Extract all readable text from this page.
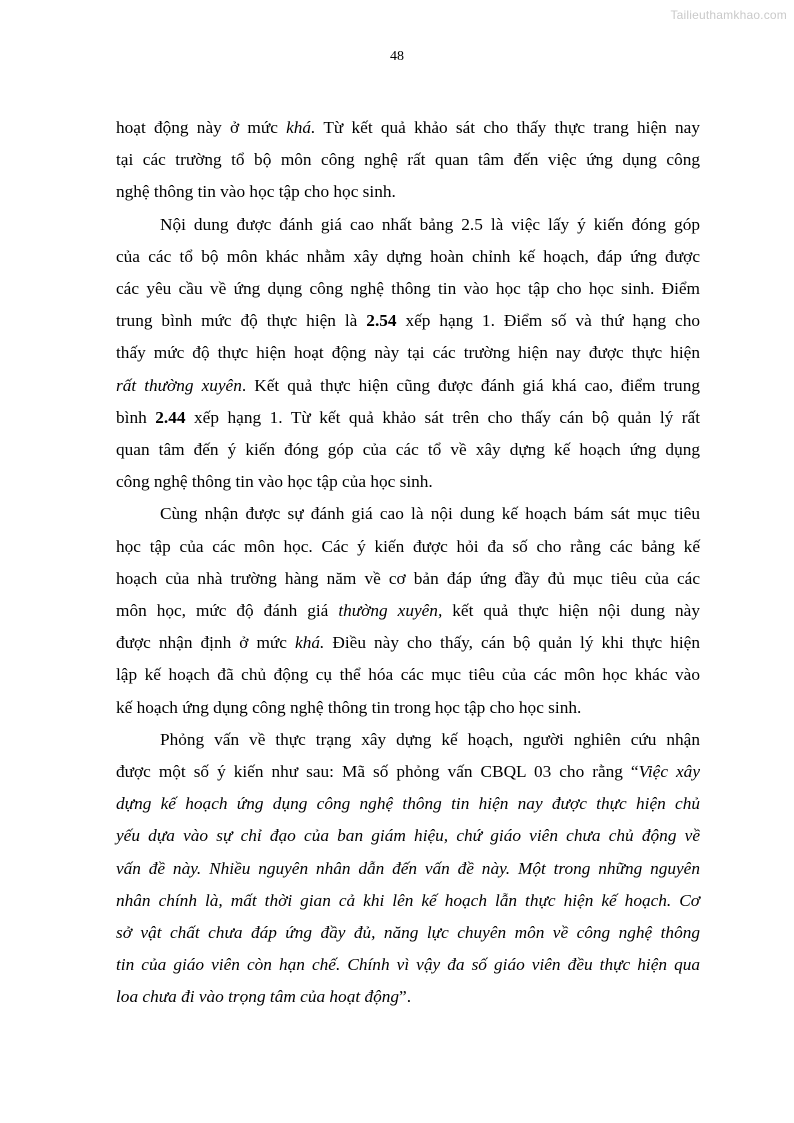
Tailieuthamkhao.com
48

hoạt động này ở mức khá. Từ kết quả khảo sát cho thấy thực trang hiện nay
tại các trường tổ bộ môn công nghệ rất quan tâm đến việc ứng dụng công
nghệ thông tin vào học tập cho học sinh.

Nội dung được đánh giá cao nhất bảng 2.5 là việc lấy ý kiến đóng góp
của các tổ bộ môn khác nhằm xây dựng hoàn chỉnh kế hoạch, đáp ứng được
các yêu cầu về ứng dụng công nghệ thông tin vào học tập cho học sinh. Điểm
trung bình mức độ thực hiện là 2.54 xếp hạng 1. Điểm số và thứ hạng cho
thấy mức độ thực hiện hoạt động này tại các trường hiện nay được thực hiện
rất thường xuyên. Kết quả thực hiện cũng được đánh giá khá cao, điểm trung
bình 2.44 xếp hạng 1. Từ kết quả khảo sát trên cho thấy cán bộ quản lý rất
quan tâm đến ý kiến đóng góp của các tổ về xây dựng kế hoạch ứng dụng
công nghệ thông tin vào học tập của học sinh.

Cùng nhận được sự đánh giá cao là nội dung kế hoạch bám sát mục tiêu
học tập của các môn học. Các ý kiến được hỏi đa số cho rằng các bảng kế
hoạch của nhà trường hàng năm về cơ bản đáp ứng đầy đủ mục tiêu của các
môn học, mức độ đánh giá thường xuyên, kết quả thực hiện nội dung này
được nhận định ở mức khá. Điều này cho thấy, cán bộ quản lý khi thực hiện
lập kế hoạch đã chủ động cụ thể hóa các mục tiêu của các môn học khác vào
kế hoạch ứng dụng công nghệ thông tin trong học tập cho học sinh.

Phỏng vấn về thực trạng xây dựng kế hoạch, người nghiên cứu nhận
được một số ý kiến như sau: Mã số phỏng vấn CBQL 03 cho rằng “Việc xây
dựng kế hoạch ứng dụng công nghệ thông tin hiện nay được thực hiện chủ
yếu dựa vào sự chỉ đạo của ban giám hiệu, chứ giáo viên chưa chủ động về
vấn đề này. Nhiều nguyên nhân dẫn đến vấn đề này. Một trong những nguyên
nhân chính là, mất thời gian cả khi lên kế hoạch lẫn thực hiện kế hoạch. Cơ
sở vật chất chưa đáp ứng đầy đủ, năng lực chuyên môn về công nghệ thông
tin của giáo viên còn hạn chế. Chính vì vậy đa số giáo viên đều thực hiện qua
loa chưa đi vào trọng tâm của hoạt động”.
